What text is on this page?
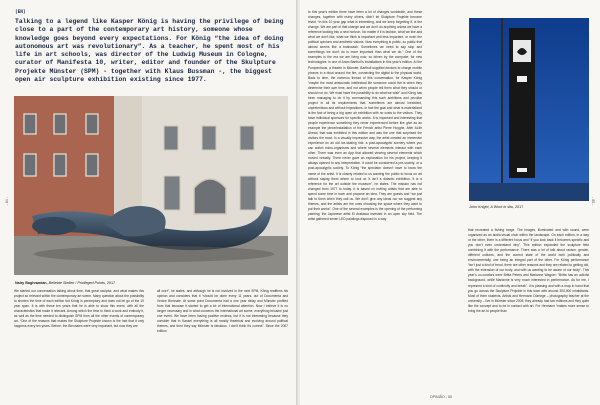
- 84 -
[EN]
Talking to a legend like Kasper König is having the privilege of being close to a part of the contemporary art history, someone whose knowledge goes beyond every expectations. For König “the idea of doing autonomous art was revolutionary”. As a teacher, he spent most of his life in art schools, was director of the Ludwig Museum in Cologne, curator of Manifesta 10, writer, editor and founder of the Skulpture Projekte Münster (SPM) - together with Klaus Bussman -, the biggest open air sculpture exhibition existing since 1977.
Nairy Baghramian, Beliebte Stellen / Privileged Points, 2017
We started our conversation talking about time, that great sculptor, and what makes this project so relevant within the contemporary art scene. Many question about the possibility to shorten the time of each edition but König is peremptory and does not let go of the 10 year span. It is with these ten years that he is able to show this event, with all the characteristics that make it relevant. Among which the time to think a work and embody it, as well as the time needed to distinguish SPM from all the other events of contemporary art. “One of the reasons that makes the Skulpture Projekte known is the fact that it only happens every ten years. Before, the Biennales were very important, but now they are
all over”, he states, and although he is not involved in the next SPM, König reaffirms his opinion and considers that it “should be done every 11 years, out of Documenta and Venice Biennale. At some point Documenta had a one year delay and Münster profited from that because it started to get a lot of international attention. Now I believe it is no longer necessary and in what concerns the international art scene, everything became just one event. We have been having positive reviews, but it is not interesting because they consider that in Kassel everything is all mostly theatrical and evolving around political themes, and then they say Münster is fabulous. I don't think it’s correct”. Since the 2007 edition
- 85 -
to this year’s edition there have been a lot of changes worldwide, and these changes, together with many others, didn’t let Skulpture Projekte become trivial. “In this 10 year gap what is interesting, and we keep forgetting it, is the change. We are part of that change and we don’t do anything unless we have a reference looking into a new horizon. No matter if it is fashion, what we like and what we don’t like, what we think is important and less important, or even the political opinions and aesthetic visions. Now everything is public, so public that almost seems like a brainwash. Sometimes we need to say stop and somethings we don’t do is more important than what we do.” One of the examples is the era we are living now, so driven by the computer, for new technologies: in one of Aram Bartholl’s installations in this year’s edition. At the Pumpenhaus, a theatre in Münster, Bartholl supplied devices to charge mobile phones in a ritual around the fire, connecting the digital to the physical world. Back to time, the common thread of this conversation, for Kasper König “maybe the most aristocratic intellectual life someone could live is when they determine their own time, and not when people tell them what they should or should not do. We must have the possibility to do what we wish” and König has been managing to do it by commanding this such ambitions and peculiar project in all its requirements that, sometimes are almost inexistent, unpretentious and without impositions. In fact the goal and what is materialized is the fact of being a big open air exhibition with no costs to the visitors. They have individual sponsors for specific works. It is important and interesting that people experience something they never experienced before like give as an example the piece/installation of the French artist Pierre Huyghe, After ALife Ahead, that was exhibited in this edition and was the one that surprised the visitors the most. In a visually impressive way, the artist created an immersive experience on an old ice-skating rink: a post-apocalyptic scenery where you can watch micro-organisms and where several elements interact with each other. There was even an App that allowed viewing several elements which moved virtually. There never gave an explanation for his project, keeping it always opened to any interpretation. It could be considered a pre-society, or a post-apocalyptic society. To König “the spectator doesn’t have to know the name of the artist. It is closely related to us wanting the public to focus on art without saying them where to look at. It isn’t a didactic exhibition. It is a reference for the art outside the museum”, he states. The mission has not changed from 1977 to today. It is based on inviting artists that are able to spend some time in town and propose an idea. They are guests and “we just talk to them when they call us. We don’t give any ideas nor we suggest any themes, and the artists are the ones choosing the space where they want to put their works”. One of the several examples is the opening of the performing painting; the Japanese artist Ei Arakawa invested in an open sky field. The artist gathered seven LED paintings disposed in a way
John Knight, A Work in situ, 2017
that recreated a fishing range. The images, illuminated and with sound, were organized as an audio-visual choir within the landscape. On each edition, in a way or the other, there is a different focus and “if you look back it becomes specific and you don’t even understand why”. This edition expanded the sculpture field combining it with the performance. There was a lot of talk about racism, gender, different cultures, and the current state of the world both politically and environmentally, one being an integral part of the other. For König performance “isn’t just a kind of trend, there are other reasons and they are related to getting old, with the extension of our body, and with us wanting to be aware of our body”. This year’s co-curators were Britta Peters and Marianne Wagner: “Britta has an activist background, while Marianne is very much interested in performance. As for me, I represent a kind of continuity and break”. It is pleasing and with a map in hand that you go across the Skulpture Projekte in this town with around 300,000 inhabitants. Most of them students. Artists and Hermann Dürnege – photography teacher at the university – live in Münster since 2008, they already had two editions and they quite like the concept and to be in contact with art. For Hermann “makes more sense to bring the art to people than
OPINIÃO - 85
